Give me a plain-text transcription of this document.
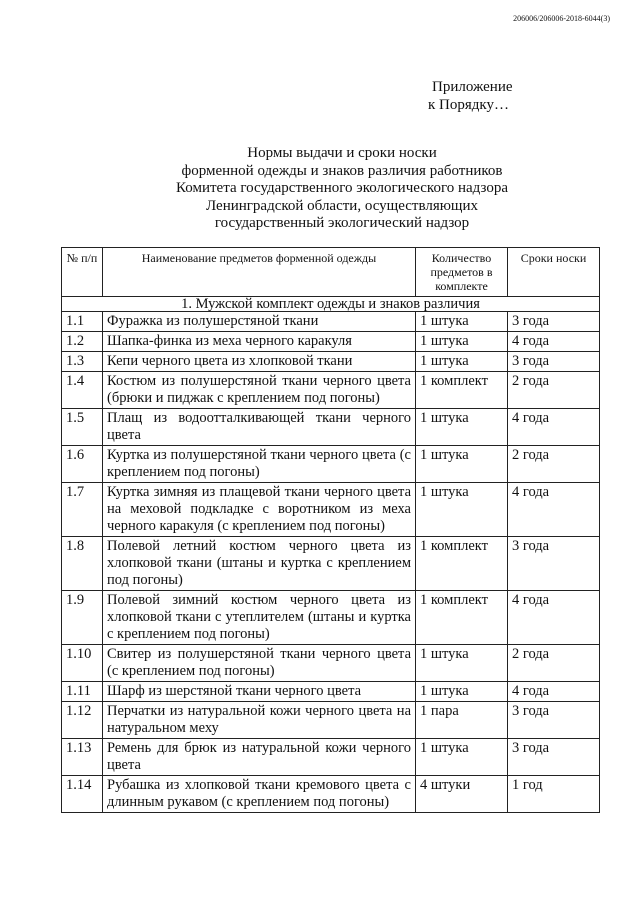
206006/206006-2018-6044(3)
Приложение
к Порядку…
Нормы выдачи и сроки носки
форменной одежды и знаков различия работников
Комитета государственного экологического надзора
Ленинградской области, осуществляющих
государственный экологический надзор
№ п/п	Наименование предметов форменной одежды	Количество предметов в комплекте	Сроки носки
1. Мужской комплект одежды и знаков различия			
1.1	Фуражка из полушерстяной ткани	1 штука	3 года
1.2	Шапка-финка из меха черного каракуля	1 штука	4 года
1.3	Кепи черного цвета из хлопковой ткани	1 штука	3 года
1.4	Костюм из полушерстяной ткани черного цвета (брюки и пиджак с креплением под погоны)	1 комплект	2 года
1.5	Плащ из водоотталкивающей ткани черного цвета	1 штука	4 года
1.6	Куртка из полушерстяной ткани черного цвета (с креплением под погоны)	1 штука	2 года
1.7	Куртка зимняя из плащевой ткани черного цвета на меховой подкладке с воротником из меха черного каракуля (с креплением под погоны)	1 штука	4 года
1.8	Полевой летний костюм черного цвета из хлопковой ткани (штаны и куртка с креплением под погоны)	1 комплект	3 года
1.9	Полевой зимний костюм черного цвета из хлопковой ткани с утеплителем (штаны и куртка с креплением под погоны)	1 комплект	4 года
1.10	Свитер из полушерстяной ткани черного цвета (с креплением под погоны)	1 штука	2 года
1.11	Шарф из шерстяной ткани черного цвета	1 штука	4 года
1.12	Перчатки из натуральной кожи черного цвета на натуральном меху	1 пара	3 года
1.13	Ремень для брюк из натуральной кожи черного цвета	1 штука	3 года
1.14	Рубашка из хлопковой ткани кремового цвета с длинным рукавом (с креплением под погоны)	4 штуки	1 год
